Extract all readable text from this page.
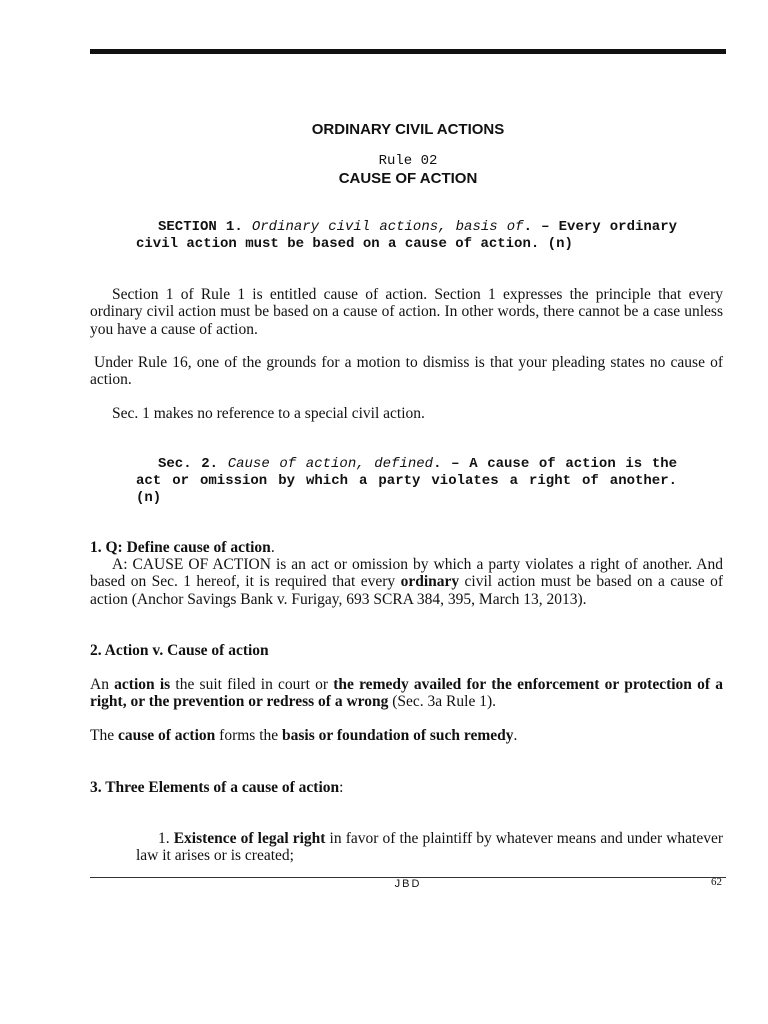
ORDINARY CIVIL ACTIONS
Rule 02
CAUSE OF ACTION
SECTION 1. Ordinary civil actions, basis of. – Every ordinary civil action must be based on a cause of action. (n)
Section 1 of Rule 1 is entitled cause of action. Section 1 expresses the principle that every ordinary civil action must be based on a cause of action. In other words, there cannot be a case unless you have a cause of action.
Under Rule 16, one of the grounds for a motion to dismiss is that your pleading states no cause of action.
Sec. 1 makes no reference to a special civil action.
Sec. 2. Cause of action, defined. – A cause of action is the act or omission by which a party violates a right of another. (n)
1. Q: Define cause of action.
A: CAUSE OF ACTION is an act or omission by which a party violates a right of another. And based on Sec. 1 hereof, it is required that every ordinary civil action must be based on a cause of action (Anchor Savings Bank v. Furigay, 693 SCRA 384, 395, March 13, 2013).
2. Action v. Cause of action
An action is the suit filed in court or the remedy availed for the enforcement or protection of a right, or the prevention or redress of a wrong (Sec. 3a Rule 1).
The cause of action forms the basis or foundation of such remedy.
3. Three Elements of a cause of action:
1. Existence of legal right in favor of the plaintiff by whatever means and under whatever law it arises or is created;
JBD	62
